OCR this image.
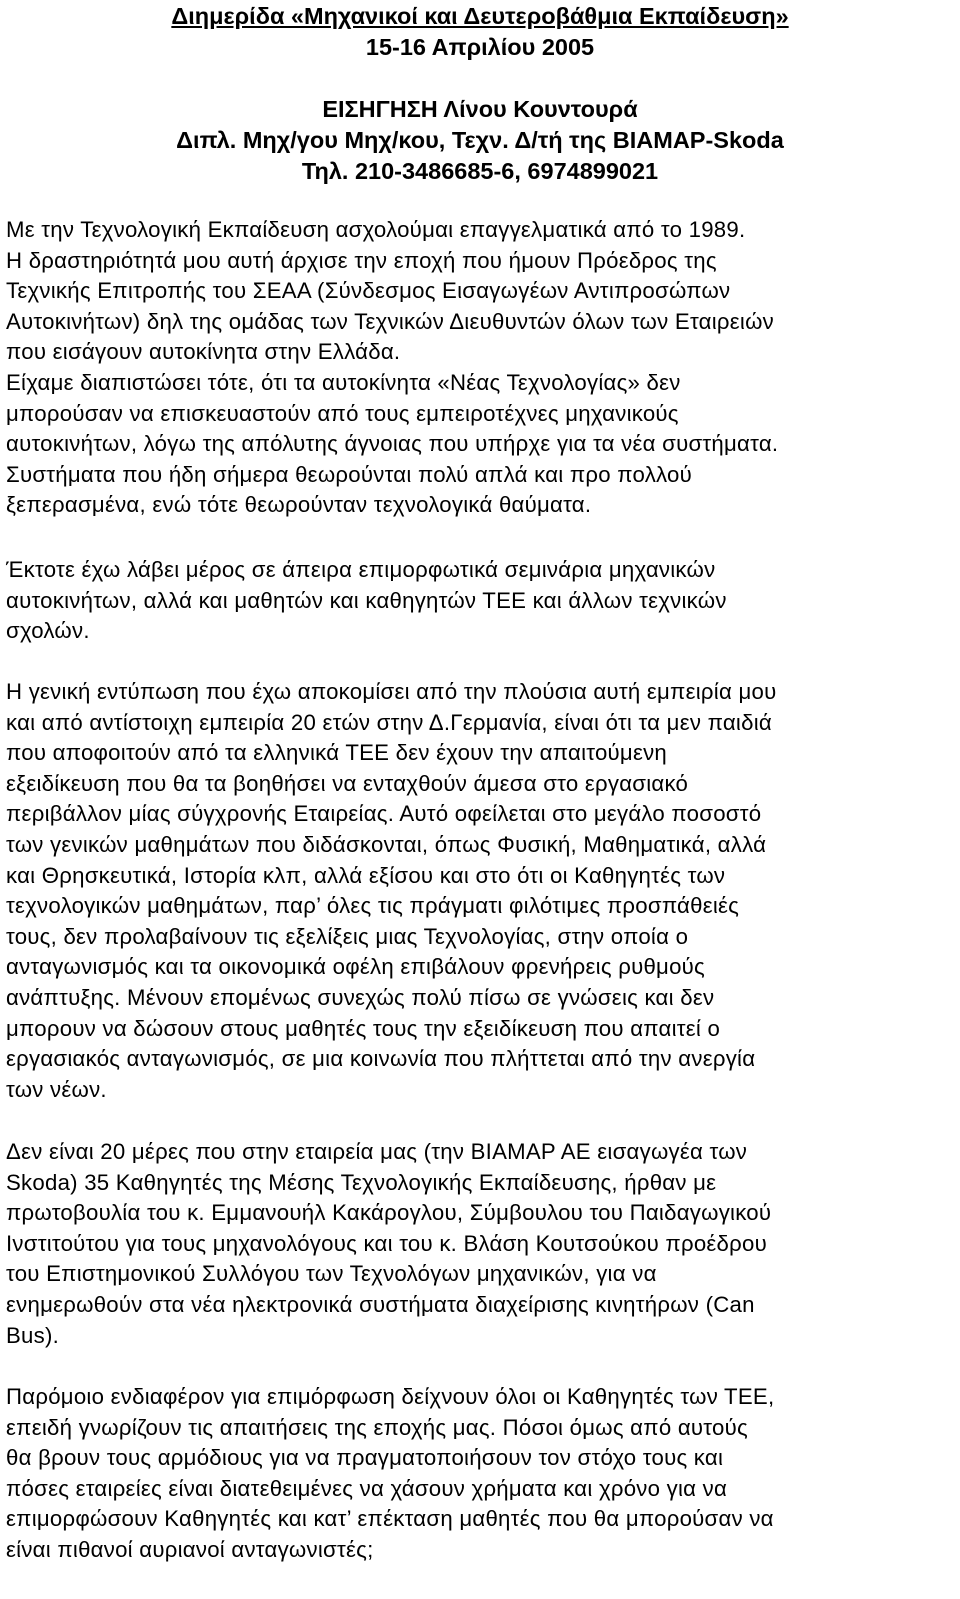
Διημερίδα «Μηχανικοί και Δευτεροβάθμια Εκπαίδευση»
15-16 Απριλίου 2005
ΕΙΣΗΓΗΣΗ Λίνου Κουντουρά
Διπλ. Μηχ/γου Μηχ/κου, Τεχν. Δ/τή της ΒΙΑΜΑΡ-Skoda
Τηλ. 210-3486685-6, 6974899021
Με την Τεχνολογική Εκπαίδευση ασχολούμαι επαγγελματικά από το 1989.
Η δραστηριότητά μου αυτή άρχισε την εποχή που ήμουν Πρόεδρος της
Τεχνικής Επιτροπής του ΣΕΑΑ (Σύνδεσμος Εισαγωγέων Αντιπροσώπων
Αυτοκινήτων) δηλ της ομάδας των Τεχνικών Διευθυντών όλων των Εταιρειών
που εισάγουν αυτοκίνητα στην Ελλάδα.
Είχαμε διαπιστώσει τότε, ότι τα αυτοκίνητα «Νέας Τεχνολογίας» δεν
μπορούσαν να επισκευαστούν από τους εμπειροτέχνες μηχανικούς
αυτοκινήτων, λόγω της απόλυτης άγνοιας που υπήρχε για τα νέα συστήματα.
Συστήματα που ήδη σήμερα θεωρούνται πολύ απλά και προ πολλού
ξεπερασμένα, ενώ τότε θεωρούνταν τεχνολογικά θαύματα.
Έκτοτε έχω λάβει μέρος σε άπειρα επιμορφωτικά σεμινάρια μηχανικών
αυτοκινήτων, αλλά και μαθητών και καθηγητών ΤΕΕ και άλλων τεχνικών
σχολών.
Η γενική εντύπωση που έχω αποκομίσει από την πλούσια αυτή εμπειρία μου
και από αντίστοιχη εμπειρία 20 ετών στην Δ.Γερμανία, είναι ότι τα μεν παιδιά
που αποφοιτούν από τα ελληνικά ΤΕΕ δεν έχουν την απαιτούμενη
εξειδίκευση που θα τα βοηθήσει να ενταχθούν άμεσα στο εργασιακό
περιβάλλον μίας σύγχρονής Εταιρείας. Αυτό οφείλεται στο μεγάλο ποσοστό
των γενικών μαθημάτων που διδάσκονται, όπως Φυσική, Μαθηματικά, αλλά
και Θρησκευτικά, Ιστορία κλπ, αλλά εξίσου και στο ότι οι Καθηγητές των
τεχνολογικών μαθημάτων, παρ’ όλες τις πράγματι φιλότιμες προσπάθειές
τους, δεν προλαβαίνουν τις εξελίξεις μιας Τεχνολογίας, στην οποία ο
ανταγωνισμός και τα οικονομικά οφέλη επιβάλουν φρενήρεις ρυθμούς
ανάπτυξης. Μένουν επομένως συνεχώς πολύ πίσω σε γνώσεις και δεν
μπορουν να δώσουν στους μαθητές τους την εξειδίκευση που απαιτεί ο
εργασιακός ανταγωνισμός, σε μια κοινωνία που πλήττεται από την ανεργία
των νέων.
Δεν είναι 20 μέρες που στην εταιρεία μας (την ΒΙΑΜΑΡ ΑΕ εισαγωγέα των
Skoda) 35 Καθηγητές της Μέσης Τεχνολογικής Εκπαίδευσης, ήρθαν με
πρωτοβουλία του κ. Εμμανουήλ Κακάρογλου, Σύμβουλου του Παιδαγωγικού
Ινστιτούτου για τους μηχανολόγους και του κ. Βλάση Κουτσούκου προέδρου
του Επιστημονικού Συλλόγου των Τεχνολόγων μηχανικών, για να
ενημερωθούν στα νέα ηλεκτρονικά συστήματα διαχείρισης κινητήρων (Can
Bus).
Παρόμοιο ενδιαφέρον για επιμόρφωση δείχνουν όλοι οι Καθηγητές των ΤΕΕ,
επειδή γνωρίζουν τις απαιτήσεις της εποχής μας. Πόσοι όμως από αυτούς
θα βρουν τους αρμόδιους για να πραγματοποιήσουν τον στόχο τους και
πόσες εταιρείες είναι διατεθειμένες να χάσουν χρήματα και χρόνο για να
επιμορφώσουν Καθηγητές και κατ’ επέκταση μαθητές που θα μπορούσαν να
είναι πιθανοί αυριανοί ανταγωνιστές;
